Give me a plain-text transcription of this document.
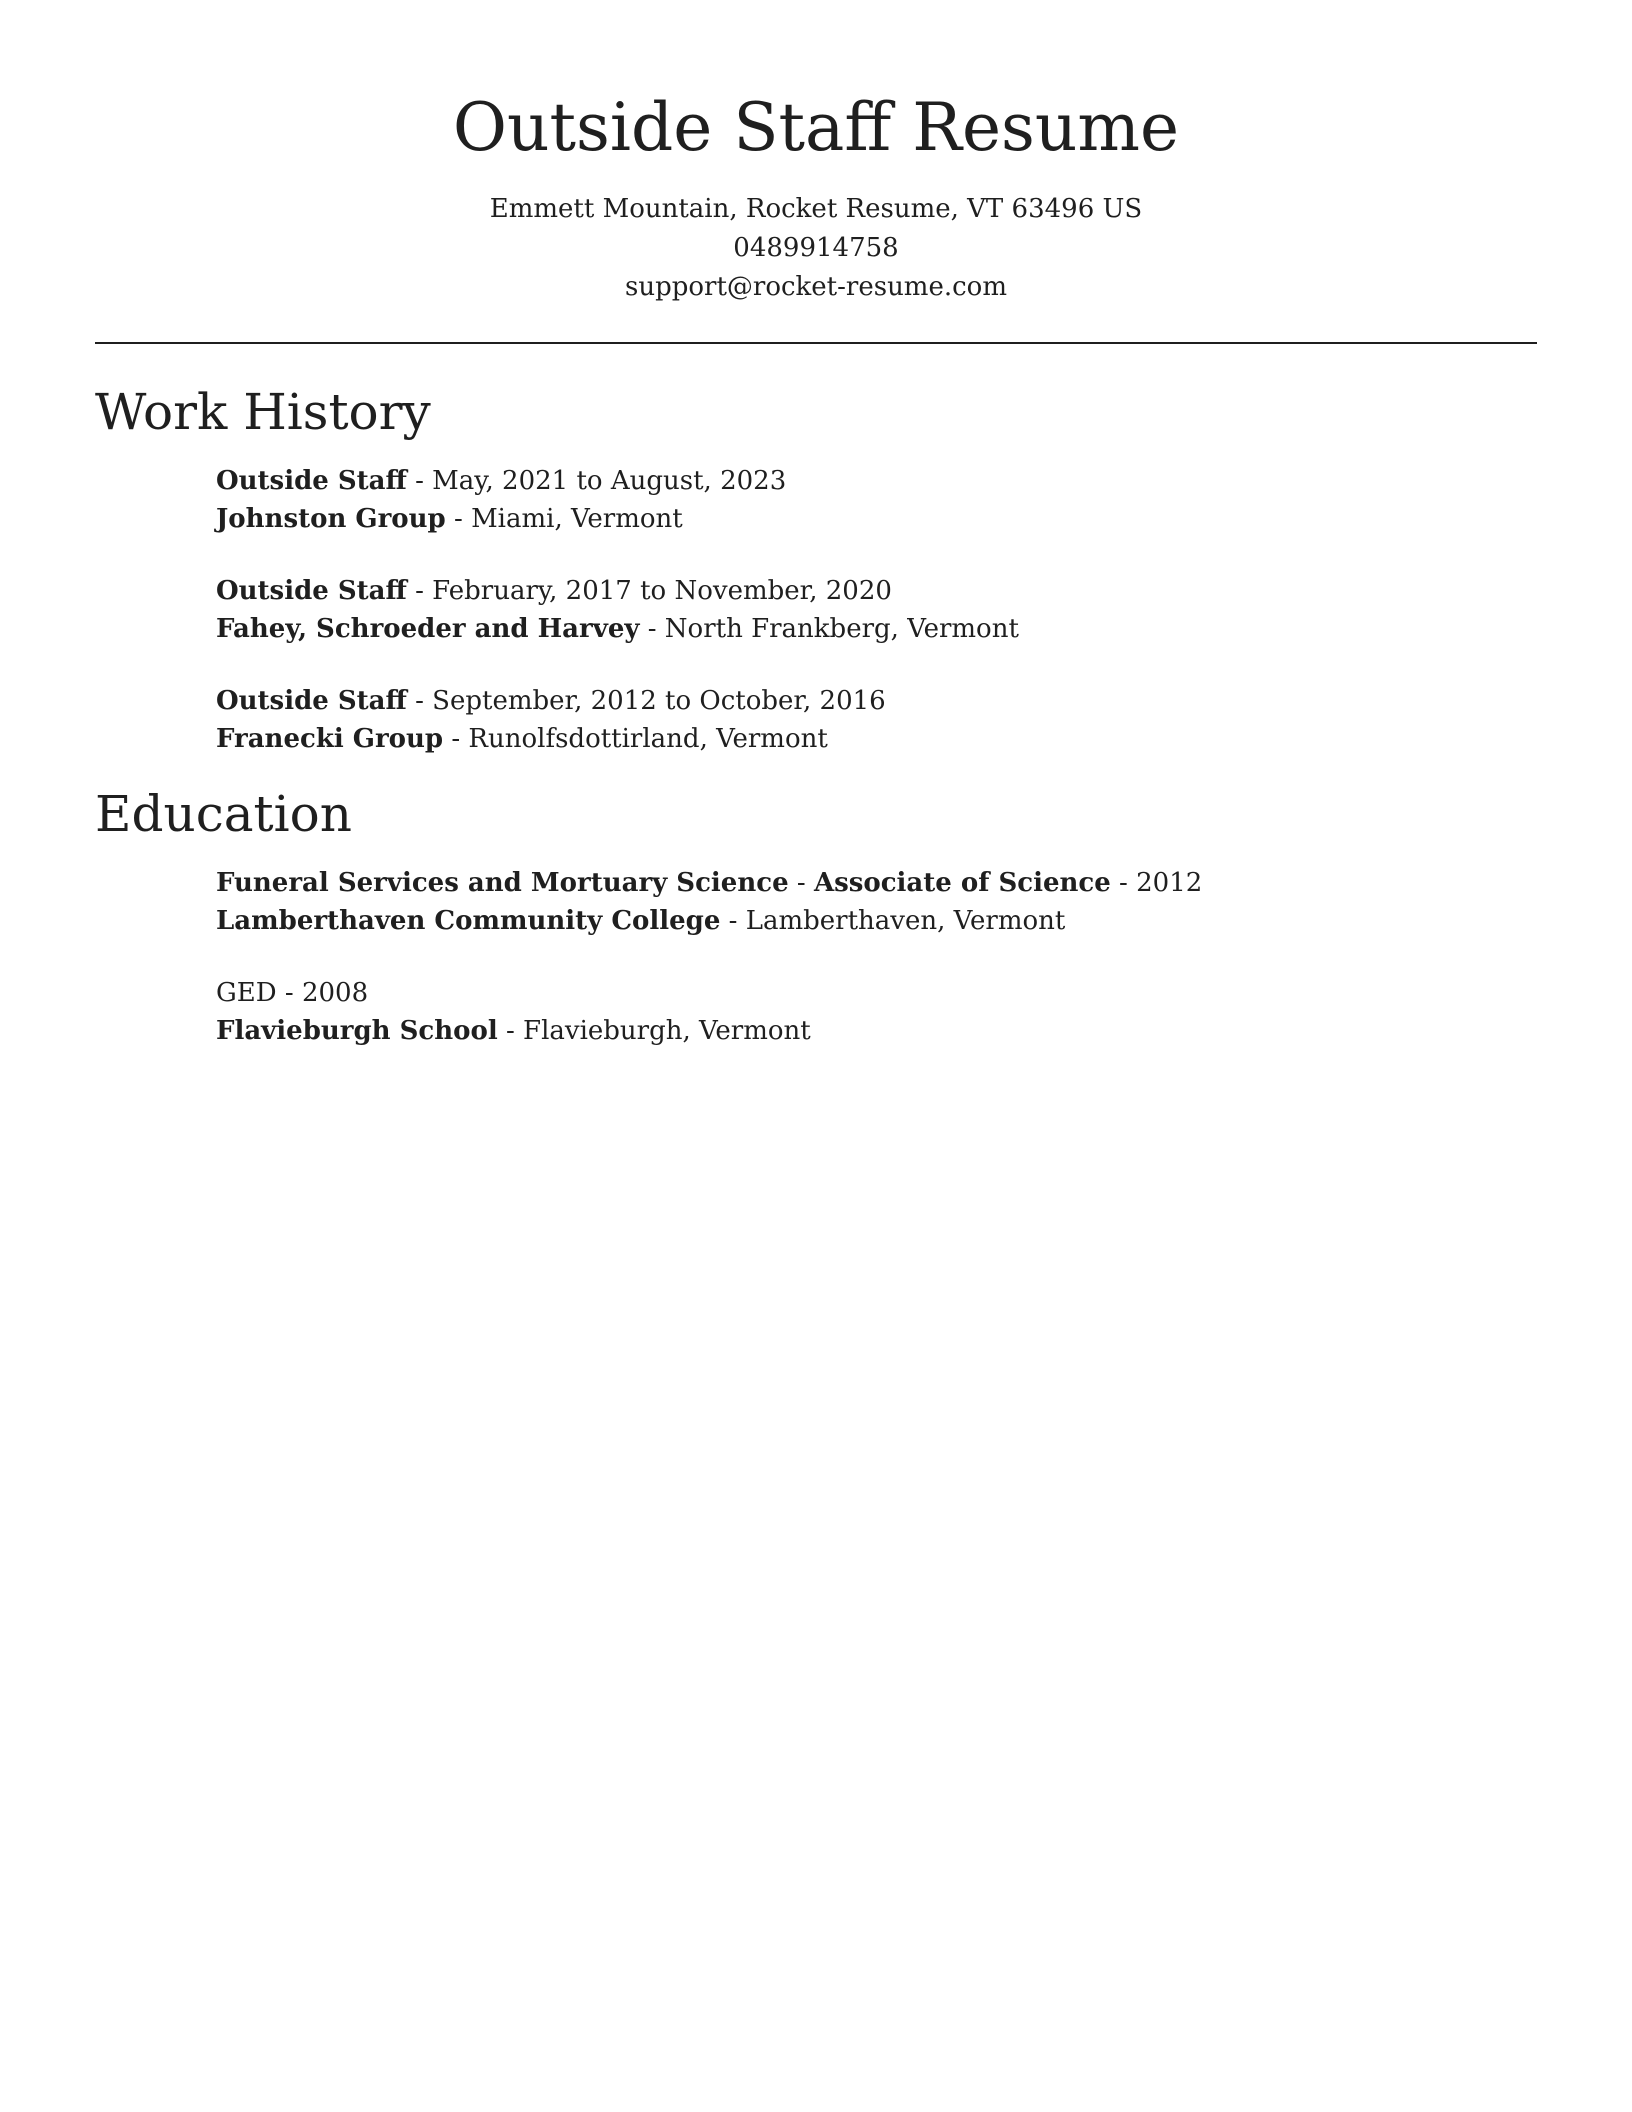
Outside Staff Resume
Emmett Mountain, Rocket Resume, VT 63496 US
0489914758
support@rocket-resume.com
Work History
Outside Staff - May, 2021 to August, 2023
Johnston Group - Miami, Vermont
Outside Staff - February, 2017 to November, 2020
Fahey, Schroeder and Harvey - North Frankberg, Vermont
Outside Staff - September, 2012 to October, 2016
Franecki Group - Runolfsdottirland, Vermont
Education
Funeral Services and Mortuary Science - Associate of Science - 2012
Lamberthaven Community College - Lamberthaven, Vermont
GED - 2008
Flavieburgh School - Flavieburgh, Vermont
